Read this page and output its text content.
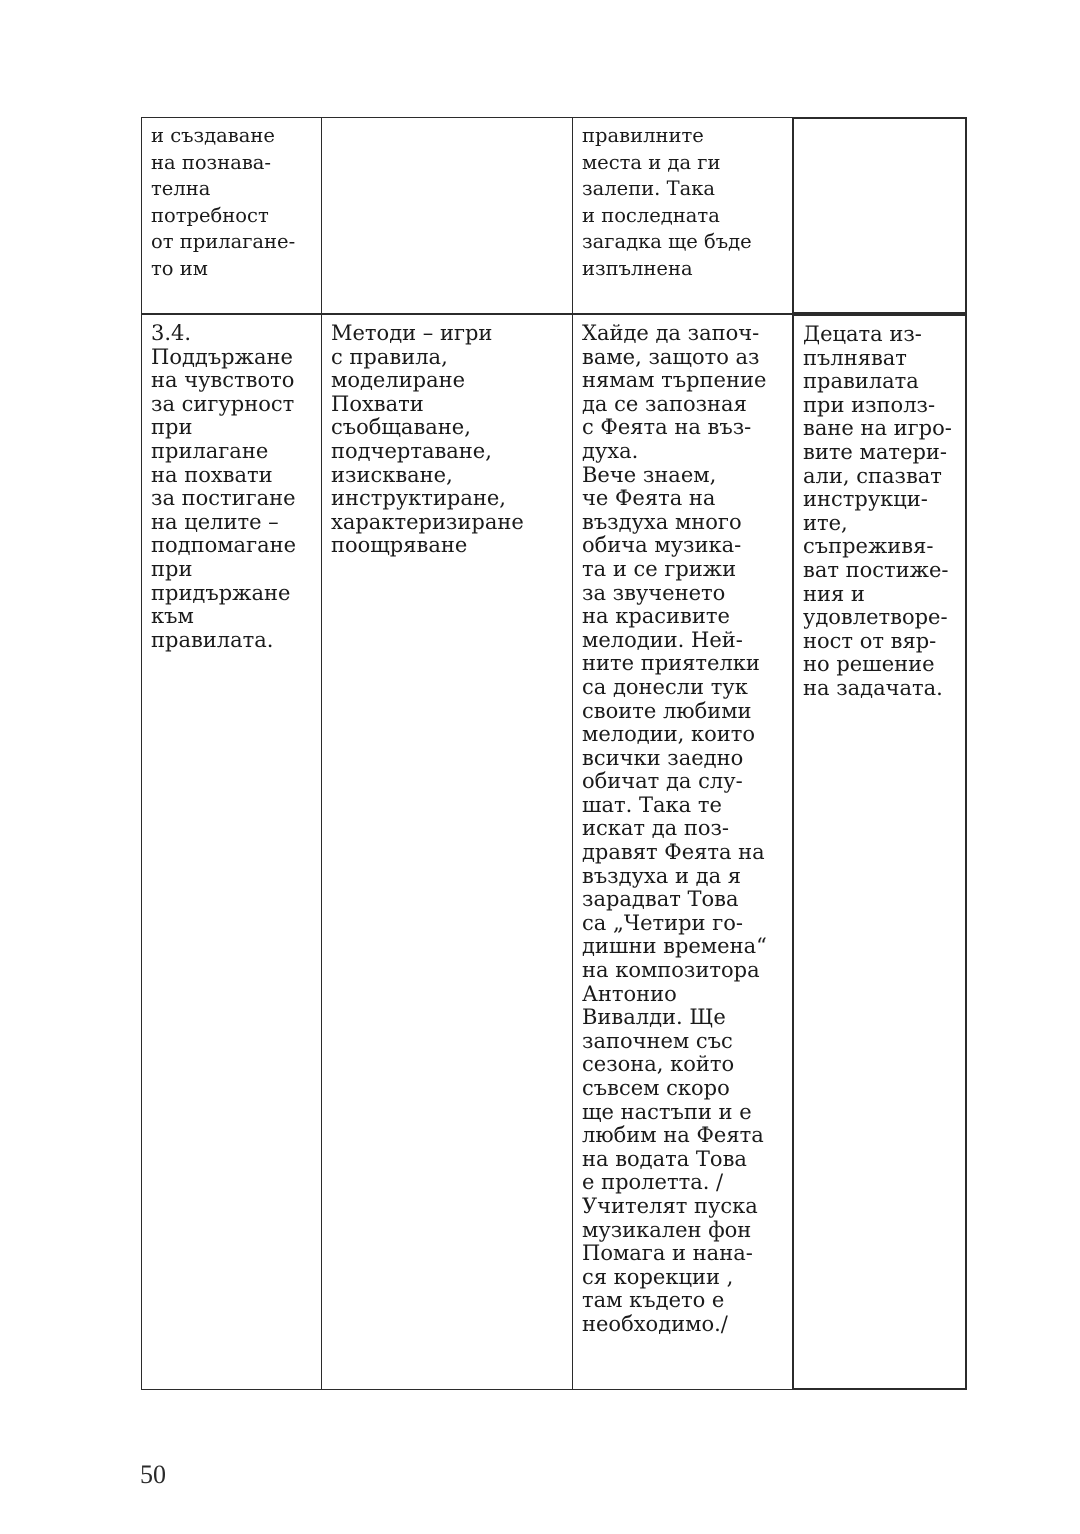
и създаване
на познава-
телна
потребност
от прилагане-
то им
правилните
места и да ги
залепи. Така
и последната
загадка ще бъде
изпълнена
3.4.
Поддържане
на чувството
за сигурност
при
прилагане
на похвати
за постигане
на целите –
подпомагане
при
придържане
към
правилата.
Методи – игри
с правила,
моделиране
Похвати
съобщаване,
подчертаване,
изискване,
инструктиране,
характеризиране
поощряване
Хайде да започ-
ваме, защото аз
нямам търпение
да се запозная
с Феята на въз-
духа.
Вече знаем,
че Феята на
въздуха много
обича музика-
та и се грижи
за звученето
на красивите
мелодии. Ней-
ните приятелки
са донесли тук
своите любими
мелодии, които
всички заедно
обичат да слу-
шат. Така те
искат да поз-
дравят Феята на
въздуха и да я
зарадват Това
са „Четири го-
дишни времена“
на композитора
Антонио
Вивалди. Ще
започнем със
сезона, който
съвсем скоро
ще настъпи и е
любим на Феята
на водата Това
е пролетта. /
Учителят пуска
музикален фон
Помага и нана-
ся корекции ,
там където е
необходимо./
Децата из-
пълняват
правилата
при използ-
ване на игро-
вите матери-
али, спазват
инструкци-
ите,
съпреживя-
ват постиже-
ния и
удовлетворе-
ност от вяр-
но решение
на задачата.
50
